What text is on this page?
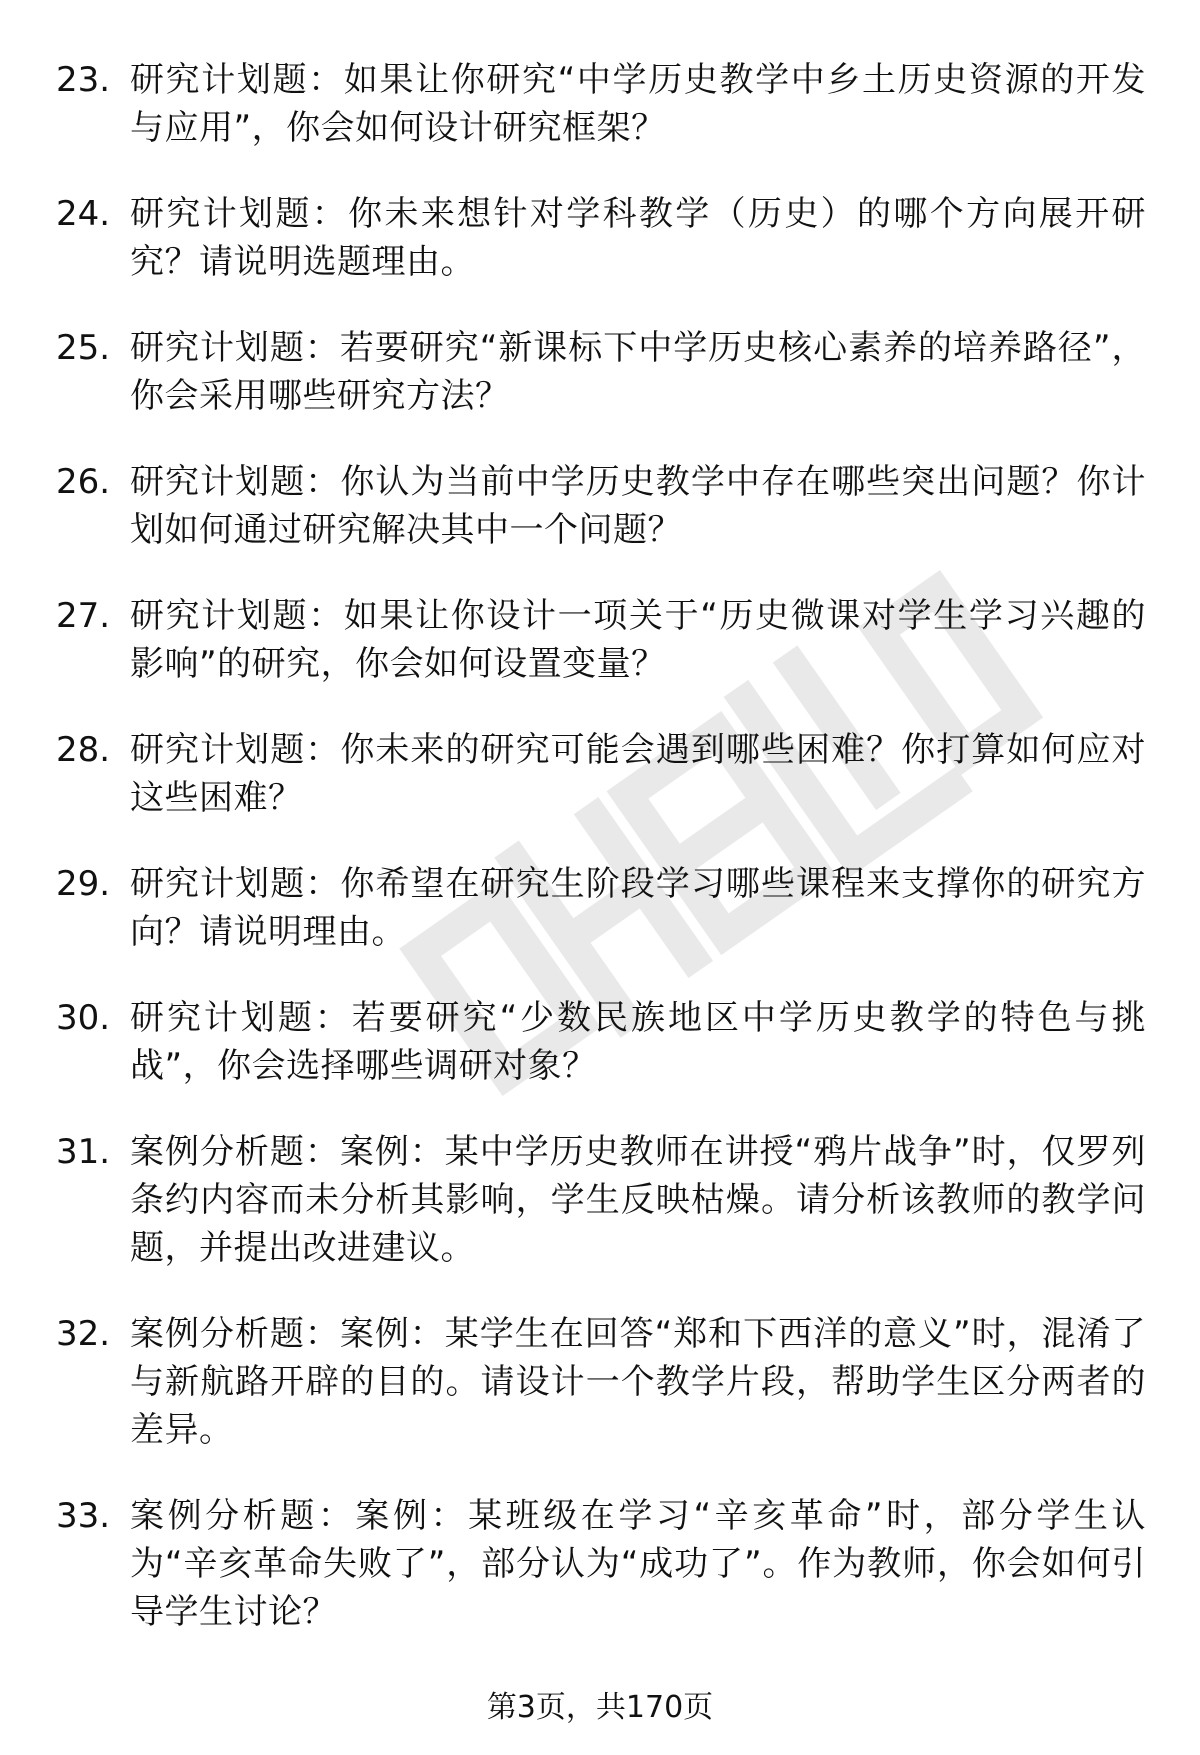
23. 研究计划题：如果让你研究“中学历史教学中乡土历史资源的开发与应用”，你会如何设计研究框架？
24. 研究计划题：你未来想针对学科教学（历史）的哪个方向展开研究？请说明选题理由。
25. 研究计划题：若要研究“新课标下中学历史核心素养的培养路径”，你会采用哪些研究方法？
26. 研究计划题：你认为当前中学历史教学中存在哪些突出问题？你计划如何通过研究解决其中一个问题？
27. 研究计划题：如果让你设计一项关于“历史微课对学生学习兴趣的影响”的研究，你会如何设置变量？
28. 研究计划题：你未来的研究可能会遇到哪些困难？你打算如何应对这些困难？
29. 研究计划题：你希望在研究生阶段学习哪些课程来支撑你的研究方向？请说明理由。
30. 研究计划题：若要研究“少数民族地区中学历史教学的特色与挑战”，你会选择哪些调研对象？
31. 案例分析题：案例：某中学历史教师在讲授“鸦片战争”时，仅罗列条约内容而未分析其影响，学生反映枯燥。请分析该教师的教学问题，并提出改进建议。
32. 案例分析题：案例：某学生在回答“郑和下西洋的意义”时，混淆了与新航路开辟的目的。请设计一个教学片段，帮助学生区分两者的差异。
33. 案例分析题：案例：某班级在学习“辛亥革命”时，部分学生认为“辛亥革命失败了”，部分认为“成功了”。作为教师，你会如何引导学生讨论？
第3页，共170页
